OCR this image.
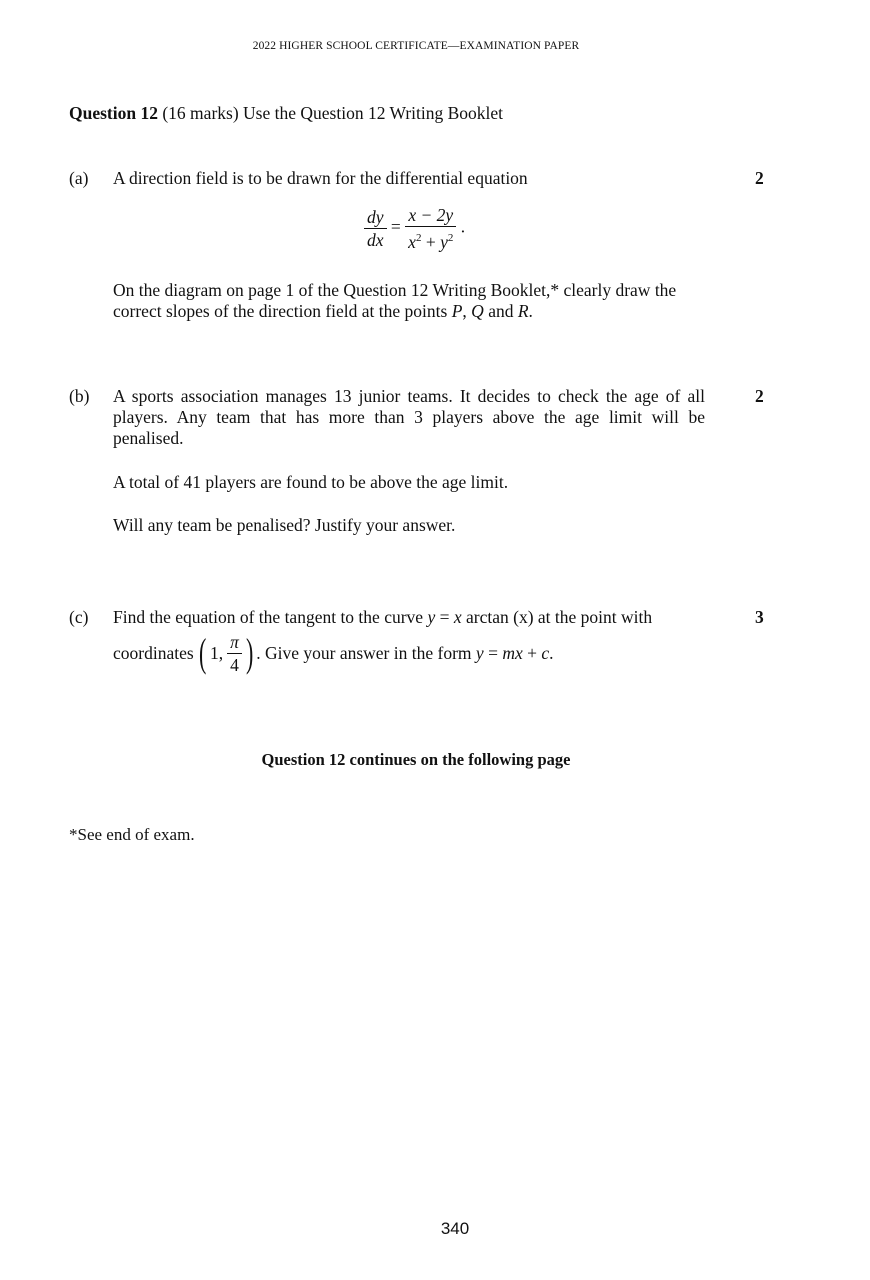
2022 HIGHER SCHOOL CERTIFICATE—EXAMINATION PAPER
Question 12 (16 marks) Use the Question 12 Writing Booklet
(a)	2
A direction field is to be drawn for the differential equation
$\frac{dy}{dx} = \frac{x - 2y}{x^2 + y^2}$ .
On the diagram on page 1 of the Question 12 Writing Booklet,* clearly draw the
correct slopes of the direction field at the points P, Q and R.
(b)	2
A sports association manages 13 junior teams. It decides to check the age of all players. Any team that has more than 3 players above the age limit will be penalised.
A total of 41 players are found to be above the age limit.
Will any team be penalised? Justify your answer.
(c)	3
Find the equation of the tangent to the curve y = x arctan (x) at the point with
coordinates ( 1, $\frac{\pi}{4}$ ) . Give your answer in the form y = mx + c .
Question 12 continues on the following page
*See end of exam.
340
